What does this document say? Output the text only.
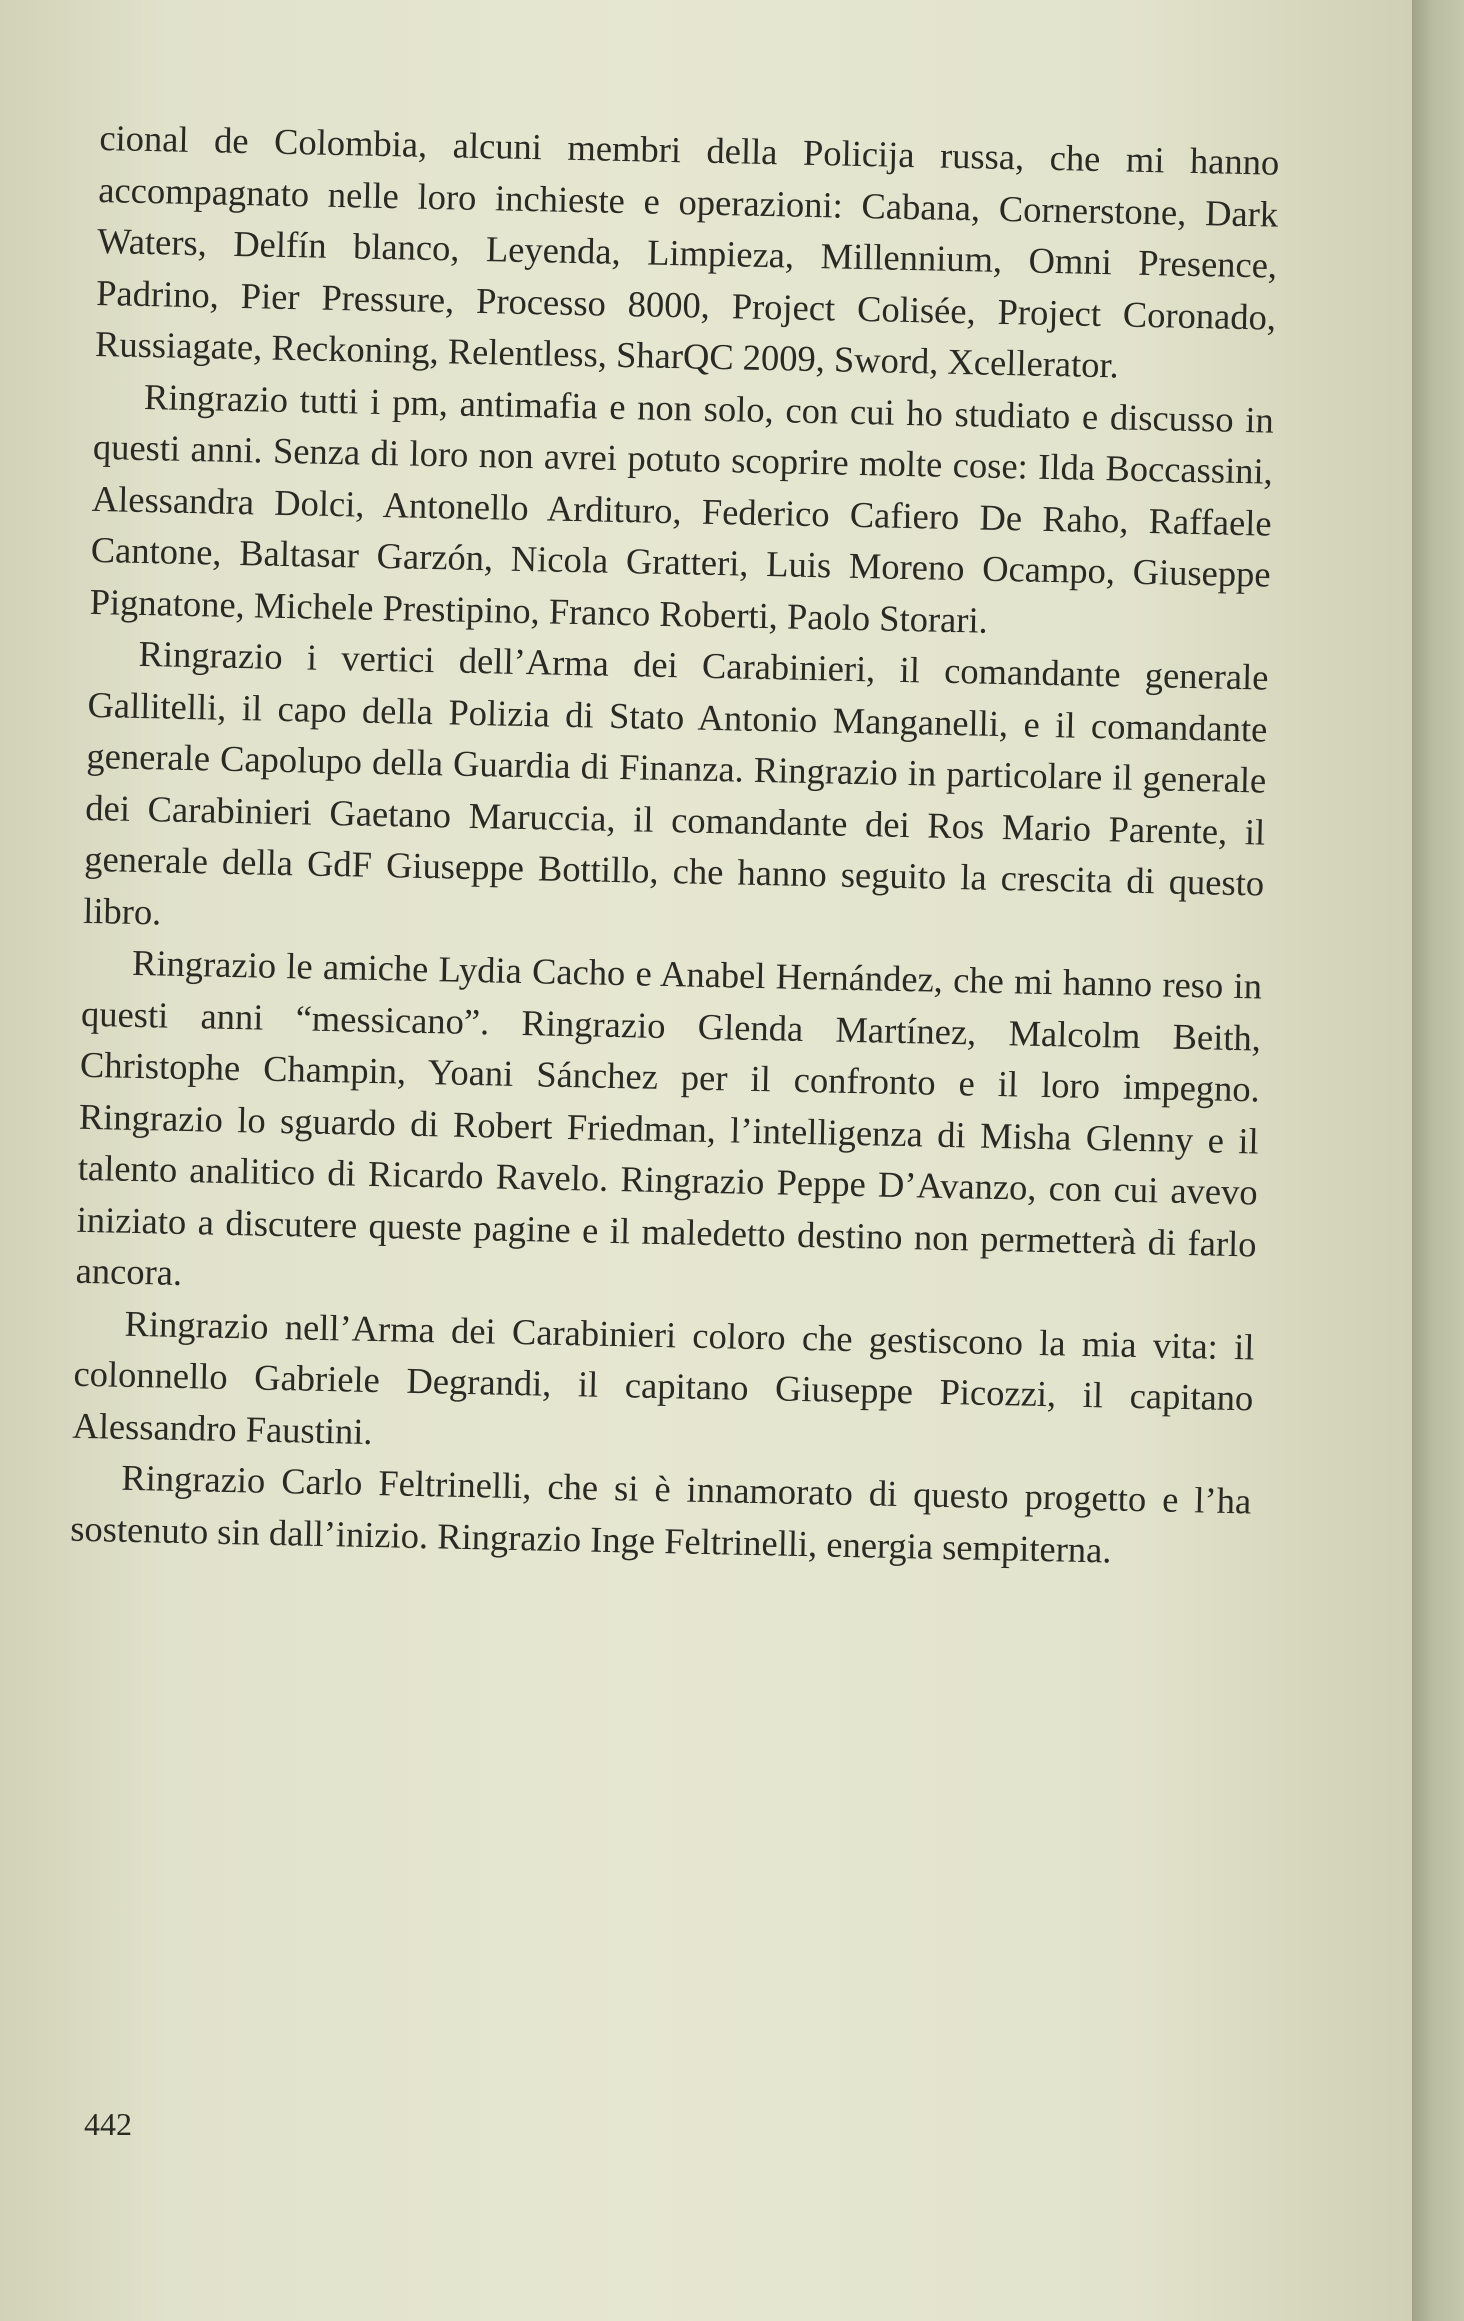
cional de Colombia, alcuni membri della Policija russa, che mi hanno accompagnato nelle loro inchieste e operazioni: Cabana, Cornerstone, Dark Waters, Delfín blanco, Leyenda, Limpieza, Millennium, Omni Presence, Padrino, Pier Pressure, Processo 8000, Project Colisée, Project Coronado, Russiagate, Reckoning, Relentless, SharQC 2009, Sword, Xcellerator.

Ringrazio tutti i pm, antimafia e non solo, con cui ho studiato e discusso in questi anni. Senza di loro non avrei potuto scoprire molte cose: Ilda Boccassini, Alessandra Dolci, Antonello Ardituro, Federico Cafiero De Raho, Raffaele Cantone, Baltasar Garzón, Nicola Gratteri, Luis Moreno Ocampo, Giuseppe Pignatone, Michele Prestipino, Franco Roberti, Paolo Storari.

Ringrazio i vertici dell’Arma dei Carabinieri, il comandante generale Gallitelli, il capo della Polizia di Stato Antonio Manganelli, e il comandante generale Capolupo della Guardia di Finanza. Ringrazio in particolare il generale dei Carabinieri Gaetano Maruccia, il comandante dei Ros Mario Parente, il generale della GdF Giuseppe Bottillo, che hanno seguito la crescita di questo libro.

Ringrazio le amiche Lydia Cacho e Anabel Hernández, che mi hanno reso in questi anni “messicano”. Ringrazio Glenda Martínez, Malcolm Beith, Christophe Champin, Yoani Sánchez per il confronto e il loro impegno. Ringrazio lo sguardo di Robert Friedman, l’intelligenza di Misha Glenny e il talento analitico di Ricardo Ravelo. Ringrazio Peppe D’Avanzo, con cui avevo iniziato a discutere queste pagine e il maledetto destino non permetterà di farlo ancora.

Ringrazio nell’Arma dei Carabinieri coloro che gestiscono la mia vita: il colonnello Gabriele Degrandi, il capitano Giuseppe Picozzi, il capitano Alessandro Faustini.

Ringrazio Carlo Feltrinelli, che si è innamorato di questo progetto e l’ha sostenuto sin dall’inizio. Ringrazio Inge Feltrinelli, energia sempiterna.

442
